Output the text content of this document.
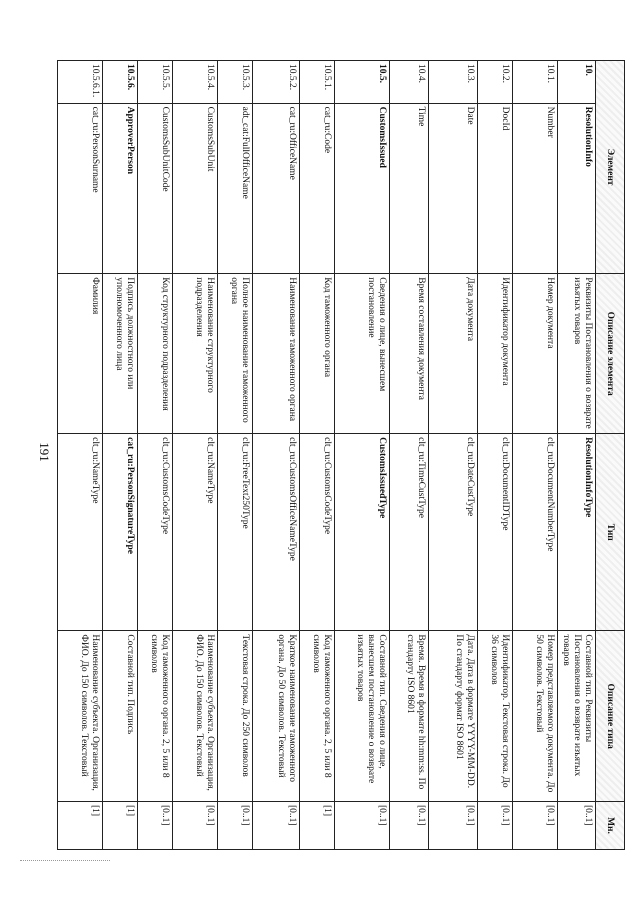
191
Элемент		Описание элемента	Тип	Описание типа	Мн.
10.	ResolutionInfo	Реквизиты Постановления о возврате изъятых товаров	ResolutionInfoType	Составной тип. Реквизиты Постановления о возврате изъятых товаров	[0..1]
10.1.	Number	Номер документа	clt_ru:DocumentNumberType	Номер представляемого документа. До 50 символов. Текстовый	[0..1]
10.2.	DocId	Идентификатор документа	clt_ru:DocumentIDType	Идентификатор. Текстовая строка. До 36 символов	[0..1]
10.3.	Date	Дата документа	clt_ru:DateCustType	Дата. Дата в формате YYYY-MM-DD. По стандарту формат ISO 8601	[0..1]
10.4.	Time	Время составления документа	clt_ru:TimeCustType	Время. Время в формате hh:mm:ss. По стандарту ISO 8601	[0..1]
10.5.	CustomsIssued	Сведения о лице, вынесшем постановление	CustomsIssuedType	Составной тип. Сведения о лице, вынесшем постановление о возврате изъятых товаров	[0..1]
10.5.1.	cat_ru:Code	Код таможенного органа	clt_ru:CustomsCodeType	Код таможенного органа. 2, 5 или 8 символов	[1]
10.5.2.	cat_ru:OfficeName	Наименование таможенного органа	clt_ru:CustomsOfficeNameType	Краткое наименование таможенного органа. До 50 символов. Текстовый	[0..1]
10.5.3.	adt_cat:FullOfficeName	Полное наименование таможенного органа	clt_ru:FreeText250Type	Текстовая строка. До 250 символов	[0..1]
10.5.4.	CustomsSubUnit	Наименование структурного подразделения	clt_ru:NameType	Наименование субъекта. Организация, ФИО. До 150 символов. Текстовый	[0..1]
10.5.5.	CustomsSubUnitCode	Код структурного подразделения	clt_ru:CustomsCodeType	Код таможенного органа. 2, 5 или 8 символов	[0..1]
10.5.6.	ApproverPerson	Подпись должностного или уполномоченного лица	cat_ru:PersonSignatureType	Составной тип. Подпись	[1]
10.5.6.1.	cat_ru:PersonSurname	Фамилия	clt_ru:NameType	Наименование субъекта. Организация, ФИО. До 150 символов. Текстовый	[1]
